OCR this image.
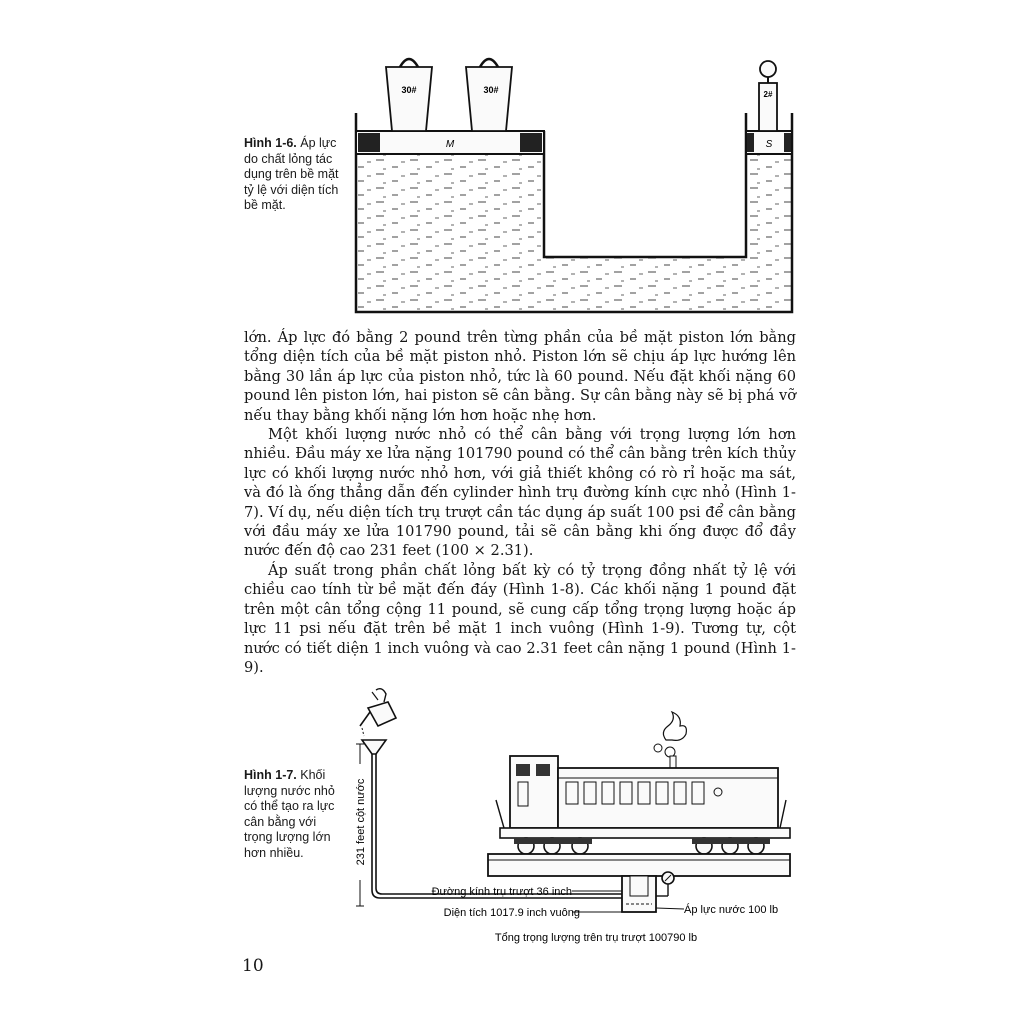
Hình 1-6. Áp lực do chất lỏng tác dụng trên bề mặt tỷ lệ với diện tích bề mặt.
M
30#	30#
S
2#

lớn. Áp lực đó bằng 2 pound trên từng phần của bề mặt piston lớn bằng tổng diện tích của bề mặt piston nhỏ. Piston lớn sẽ chịu áp lực hướng lên bằng 30 lần áp lực của piston nhỏ, tức là 60 pound. Nếu đặt khối nặng 60 pound lên piston lớn, hai piston sẽ cân bằng. Sự cân bằng này sẽ bị phá vỡ nếu thay bằng khối nặng lớn hơn hoặc nhẹ hơn.

Một khối lượng nước nhỏ có thể cân bằng với trọng lượng lớn hơn nhiều. Đầu máy xe lửa nặng 101790 pound có thể cân bằng trên kích thủy lực có khối lượng nước nhỏ hơn, với giả thiết không có rò rỉ hoặc ma sát, và đó là ống thẳng dẫn đến cylinder hình trụ đường kính cực nhỏ (Hình 1-7). Ví dụ, nếu diện tích trụ trượt cần tác dụng áp suất 100 psi để cân bằng với đầu máy xe lửa 101790 pound, tải sẽ cân bằng khi ống được đổ đầy nước đến độ cao 231 feet (100 × 2.31).

Áp suất trong phần chất lỏng bất kỳ có tỷ trọng đồng nhất tỷ lệ với chiều cao tính từ bề mặt đến đáy (Hình 1-8). Các khối nặng 1 pound đặt trên một cân tổng cộng 11 pound, sẽ cung cấp tổng trọng lượng hoặc áp lực 11 psi nếu đặt trên bề mặt 1 inch vuông (Hình 1-9). Tương tự, cột nước có tiết diện 1 inch vuông và cao 2.31 feet cân nặng 1 pound (Hình 1-9).

Hình 1-7. Khối lượng nước nhỏ có thể tạo ra lực cân bằng với trọng lượng lớn hơn nhiều.	231 feet cột nước
Đường kính trụ trượt 36 inch
Diện tích 1017.9 inch vuông	Áp lực nước 100 lb
Tổng trọng lượng trên trụ trượt 100790 lb
10
